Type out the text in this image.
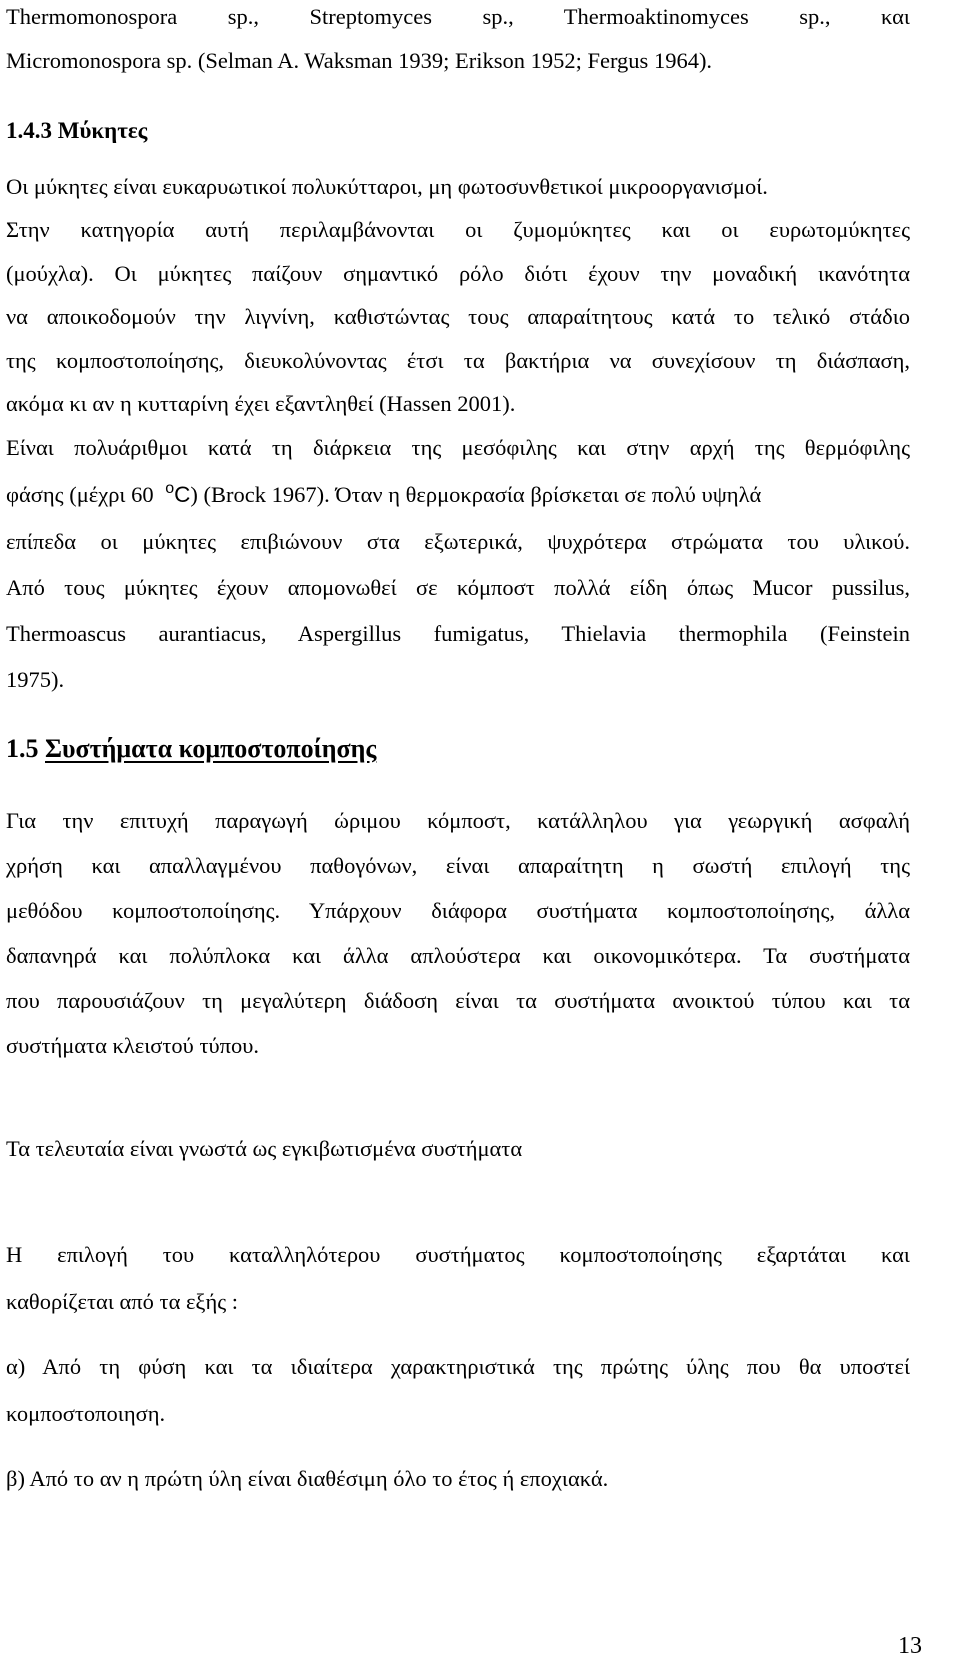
Thermomonospora sp., Streptomyces sp., Thermoaktinomyces sp., και
Micromonospora sp. (Selman A. Waksman 1939; Erikson 1952; Fergus 1964).
1.4.3 Μύκητες
Οι μύκητες είναι ευκαρυωτικοί πολυκύτταροι, μη φωτοσυνθετικοί μικροοργανισμοί.
Στην κατηγορία αυτή περιλαμβάνονται οι ζυμομύκητες και οι ευρωτομύκητες
(μούχλα). Οι μύκητες παίζουν σημαντικό ρόλο διότι έχουν την μοναδική ικανότητα
να αποικοδομούν την λιγνίνη, καθιστώντας τους απαραίτητους κατά το τελικό στάδιο
της κομποστοποίησης, διευκολύνοντας έτσι τα βακτήρια να συνεχίσουν τη διάσπαση,
ακόμα κι αν η κυτταρίνη έχει εξαντληθεί (Hassen 2001).
Είναι πολυάριθμοι κατά τη διάρκεια της μεσόφιλης και στην αρχή της θερμόφιλης
φάσης (μέχρι 60 $^o$C) (Brock 1967). Όταν η θερμοκρασία βρίσκεται σε πολύ υψηλά
επίπεδα οι μύκητες επιβιώνουν στα εξωτερικά, ψυχρότερα στρώματα του υλικού.
Από τους μύκητες έχουν απομονωθεί σε κόμποστ πολλά είδη όπως Mucor pussilus,
Thermoascus aurantiacus, Aspergillus fumigatus, Thielavia thermophila (Feinstein
1975).
1.5 Συστήματα κομποστοποίησης
Για την επιτυχή παραγωγή ώριμου κόμποστ, κατάλληλου για γεωργική ασφαλή
χρήση και απαλλαγμένου παθογόνων, είναι απαραίτητη η σωστή επιλογή της
μεθόδου κομποστοποίησης. Υπάρχουν διάφορα συστήματα κομποστοποίησης, άλλα
δαπανηρά και πολύπλοκα και άλλα απλούστερα και οικονομικότερα. Τα συστήματα
που παρουσιάζουν τη μεγαλύτερη διάδοση είναι τα συστήματα ανοικτού τύπου και τα
συστήματα κλειστού τύπου.
Τα τελευταία είναι γνωστά ως εγκιβωτισμένα συστήματα
Η επιλογή του καταλληλότερου συστήματος κομποστοποίησης εξαρτάται και
καθορίζεται από τα εξής :
α) Από τη φύση και τα ιδιαίτερα χαρακτηριστικά της πρώτης ύλης που θα υποστεί
κομποστοποιηση.
β) Από το αν η πρώτη ύλη είναι διαθέσιμη όλο το έτος ή εποχιακά.
13
